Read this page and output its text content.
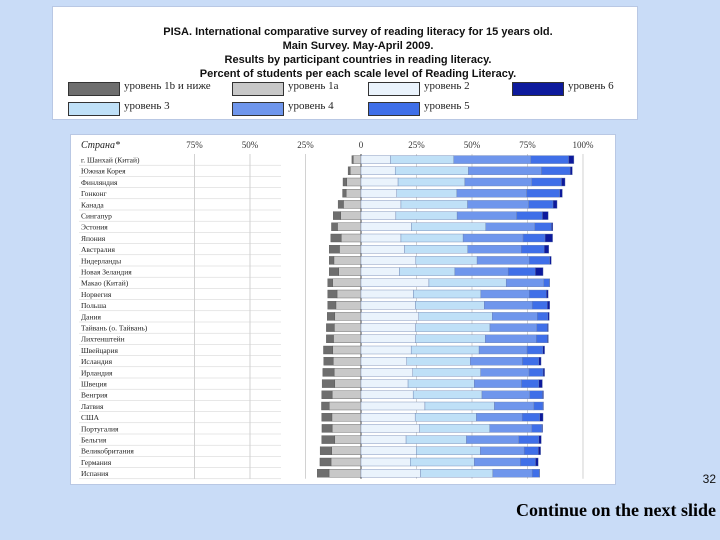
PISA. International comparative survey of reading literacy for 15 years old.
Main Survey. May-April 2009.
Results by participant countries in reading literacy.
Percent of students per each scale level of Reading Literacy.
уровень 1b и ниже	уровень 1a	уровень 2	уровень 6
уровень 3	уровень 4	уровень 5
Страна*	75%	50%	25%	0	25%	50%	75%	100%
г. Шанхай (Китай)
Южная Корея
Финляндия
Гонконг
Канада
Сингапур
Эстония
Япония
Австралия
Нидерланды
Новая Зеландия
Макао (Китай)
Норвегия
Польша
Дания
Тайвань (о. Тайвань)
Лихтенштейн
Швейцария
Исландия
Ирландия
Швеция
Венгрия
Латвия
США
Португалия
Бельгия
Великобритания
Германия
Испания	32
Continue on the next slide
